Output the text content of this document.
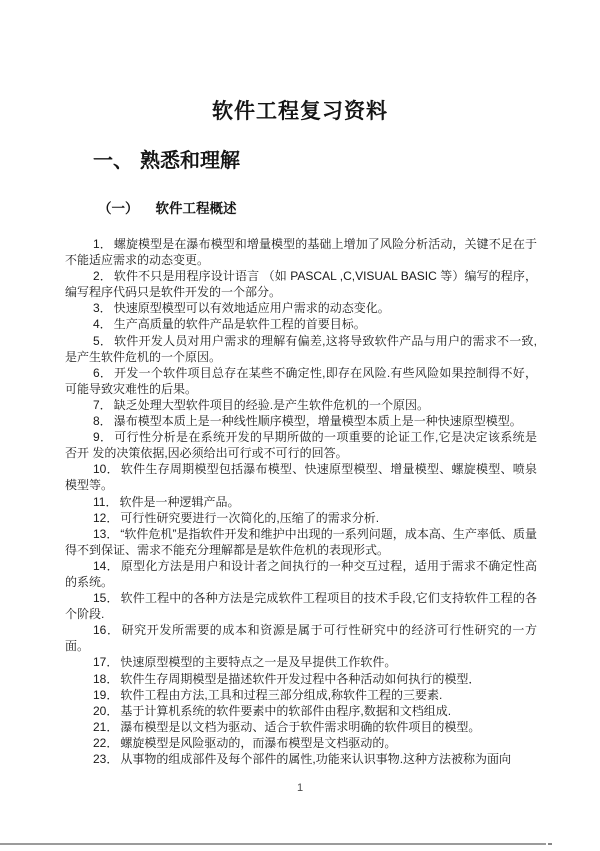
软件工程复习资料
一、 熟悉和理解
（一） 软件工程概述

1． 螺旋模型是在瀑布模型和增量模型的基础上增加了风险分析活动，关键不足在于不能适应需求的动态变更。

2． 软件不只是用程序设计语言 （如 PASCAL ,C,VISUAL BASIC 等）编写的程序，编写程序代码只是软件开发的一个部分。

3． 快速原型模型可以有效地适应用户需求的动态变化。

4． 生产高质量的软件产品是软件工程的首要目标。

5． 软件开发人员对用户需求的理解有偏差,这将导致软件产品与用户的需求不一致,是产生软件危机的一个原因。

6． 开发一个软件项目总存在某些不确定性,即存在风险.有些风险如果控制得不好，可能导致灾难性的后果。

7． 缺乏处理大型软件项目的经验.是产生软件危机的一个原因。

8． 瀑布模型本质上是一种线性顺序模型，增量模型本质上是一种快速原型模型。

9． 可行性分析是在系统开发的早期所做的一项重要的论证工作,它是决定该系统是否开 发的决策依据,因必须给出可行或不可行的回答。

10． 软件生存周期模型包括瀑布模型、快速原型模型、增量模型、螺旋模型、喷泉模型等。

11． 软件是一种逻辑产品。

12． 可行性研究要进行一次简化的,压缩了的需求分析.

13． “软件危机”是指软件开发和维护中出现的一系列问题，成本高、生产率低、质量得不到保证、需求不能充分理解都是是软件危机的表现形式。

14． 原型化方法是用户和设计者之间执行的一种交互过程，适用于需求不确定性高的系统。

15． 软件工程中的各种方法是完成软件工程项目的技术手段,它们支持软件工程的各个阶段.

16． 研究开发所需要的成本和资源是属于可行性研究中的经济可行性研究的一方面。

17． 快速原型模型的主要特点之一是及早提供工作软件。

18． 软件生存周期模型是描述软件开发过程中各种活动如何执行的模型．

19． 软件工程由方法,工具和过程三部分组成,称软件工程的三要素.

20． 基于计算机系统的软件要素中的软部件由程序,数据和文档组成.

21． 瀑布模型是以文档为驱动、适合于软件需求明确的软件项目的模型。

22． 螺旋模型是风险驱动的，而瀑布模型是文档驱动的。

23． 从事物的组成部件及每个部件的属性,功能来认识事物.这种方法被称为面向

1
